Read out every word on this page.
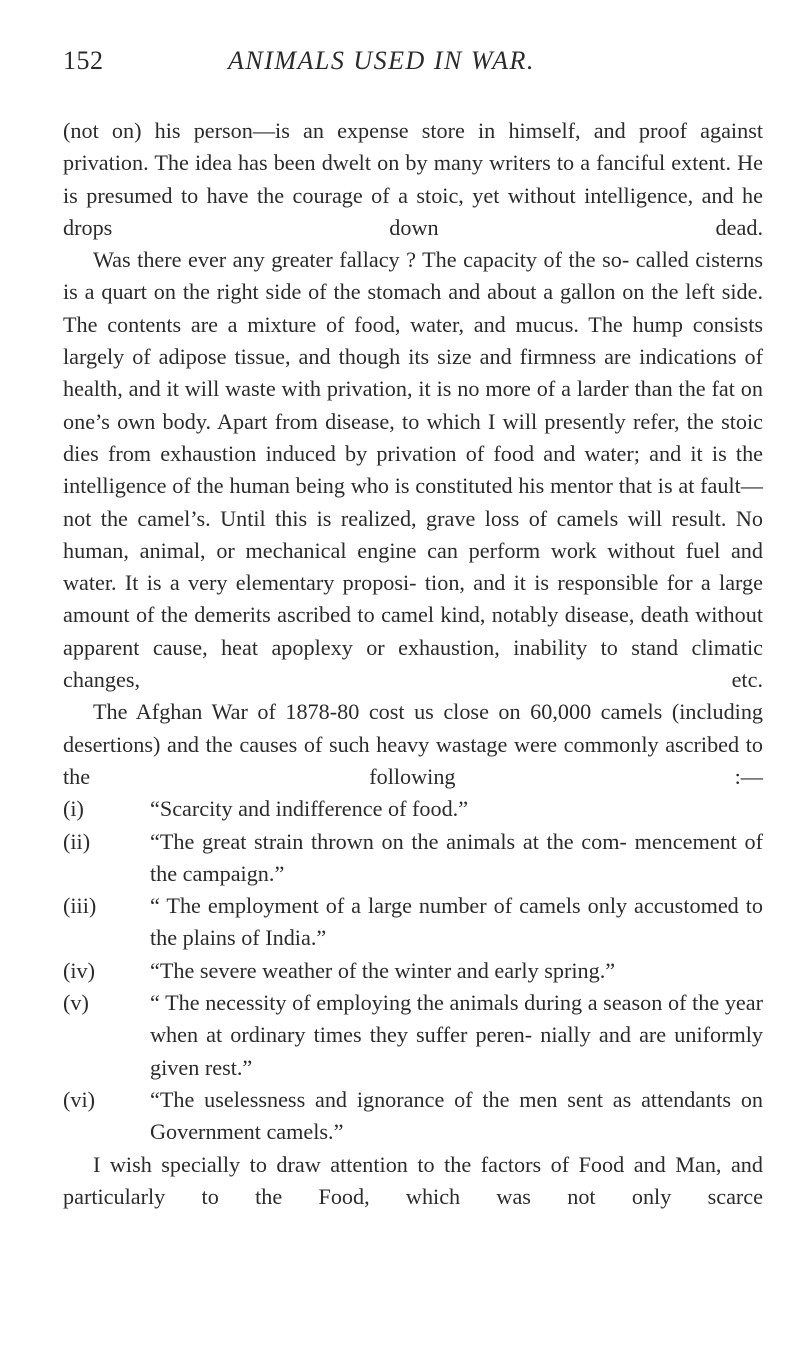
152	ANIMALS USED IN WAR.

(not on) his person—is an expense store in himself, and proof against privation. The idea has been dwelt on by many writers to a fanciful extent. He is presumed to have the courage of a stoic, yet without intelligence, and he drops down dead.

Was there ever any greater fallacy ? The capacity of the so- called cisterns is a quart on the right side of the stomach and about a gallon on the left side. The contents are a mixture of food, water, and mucus. The hump consists largely of adipose tissue, and though its size and firmness are indications of health, and it will waste with privation, it is no more of a larder than the fat on one’s own body. Apart from disease, to which I will presently refer, the stoic dies from exhaustion induced by privation of food and water; and it is the intelligence of the human being who is constituted his mentor that is at fault— not the camel’s. Until this is realized, grave loss of camels will result. No human, animal, or mechanical engine can perform work without fuel and water. It is a very elementary proposi- tion, and it is responsible for a large amount of the demerits ascribed to camel kind, notably disease, death without apparent cause, heat apoplexy or exhaustion, inability to stand climatic changes, etc.

The Afghan War of 1878-80 cost us close on 60,000 camels (including desertions) and the causes of such heavy wastage were commonly ascribed to the following :—

(i)	“Scarcity and indifference of food.”
(ii)	“The great strain thrown on the animals at the com- mencement of the campaign.”
(iii)	“ The employment of a large number of camels only accustomed to the plains of India.”
(iv)	“The severe weather of the winter and early spring.”
(v)	“ The necessity of employing the animals during a season of the year when at ordinary times they suffer peren- nially and are uniformly given rest.”
(vi)	“The uselessness and ignorance of the men sent as attendants on Government camels.”

I wish specially to draw attention to the factors of Food and Man, and particularly to the Food, which was not only scarce
